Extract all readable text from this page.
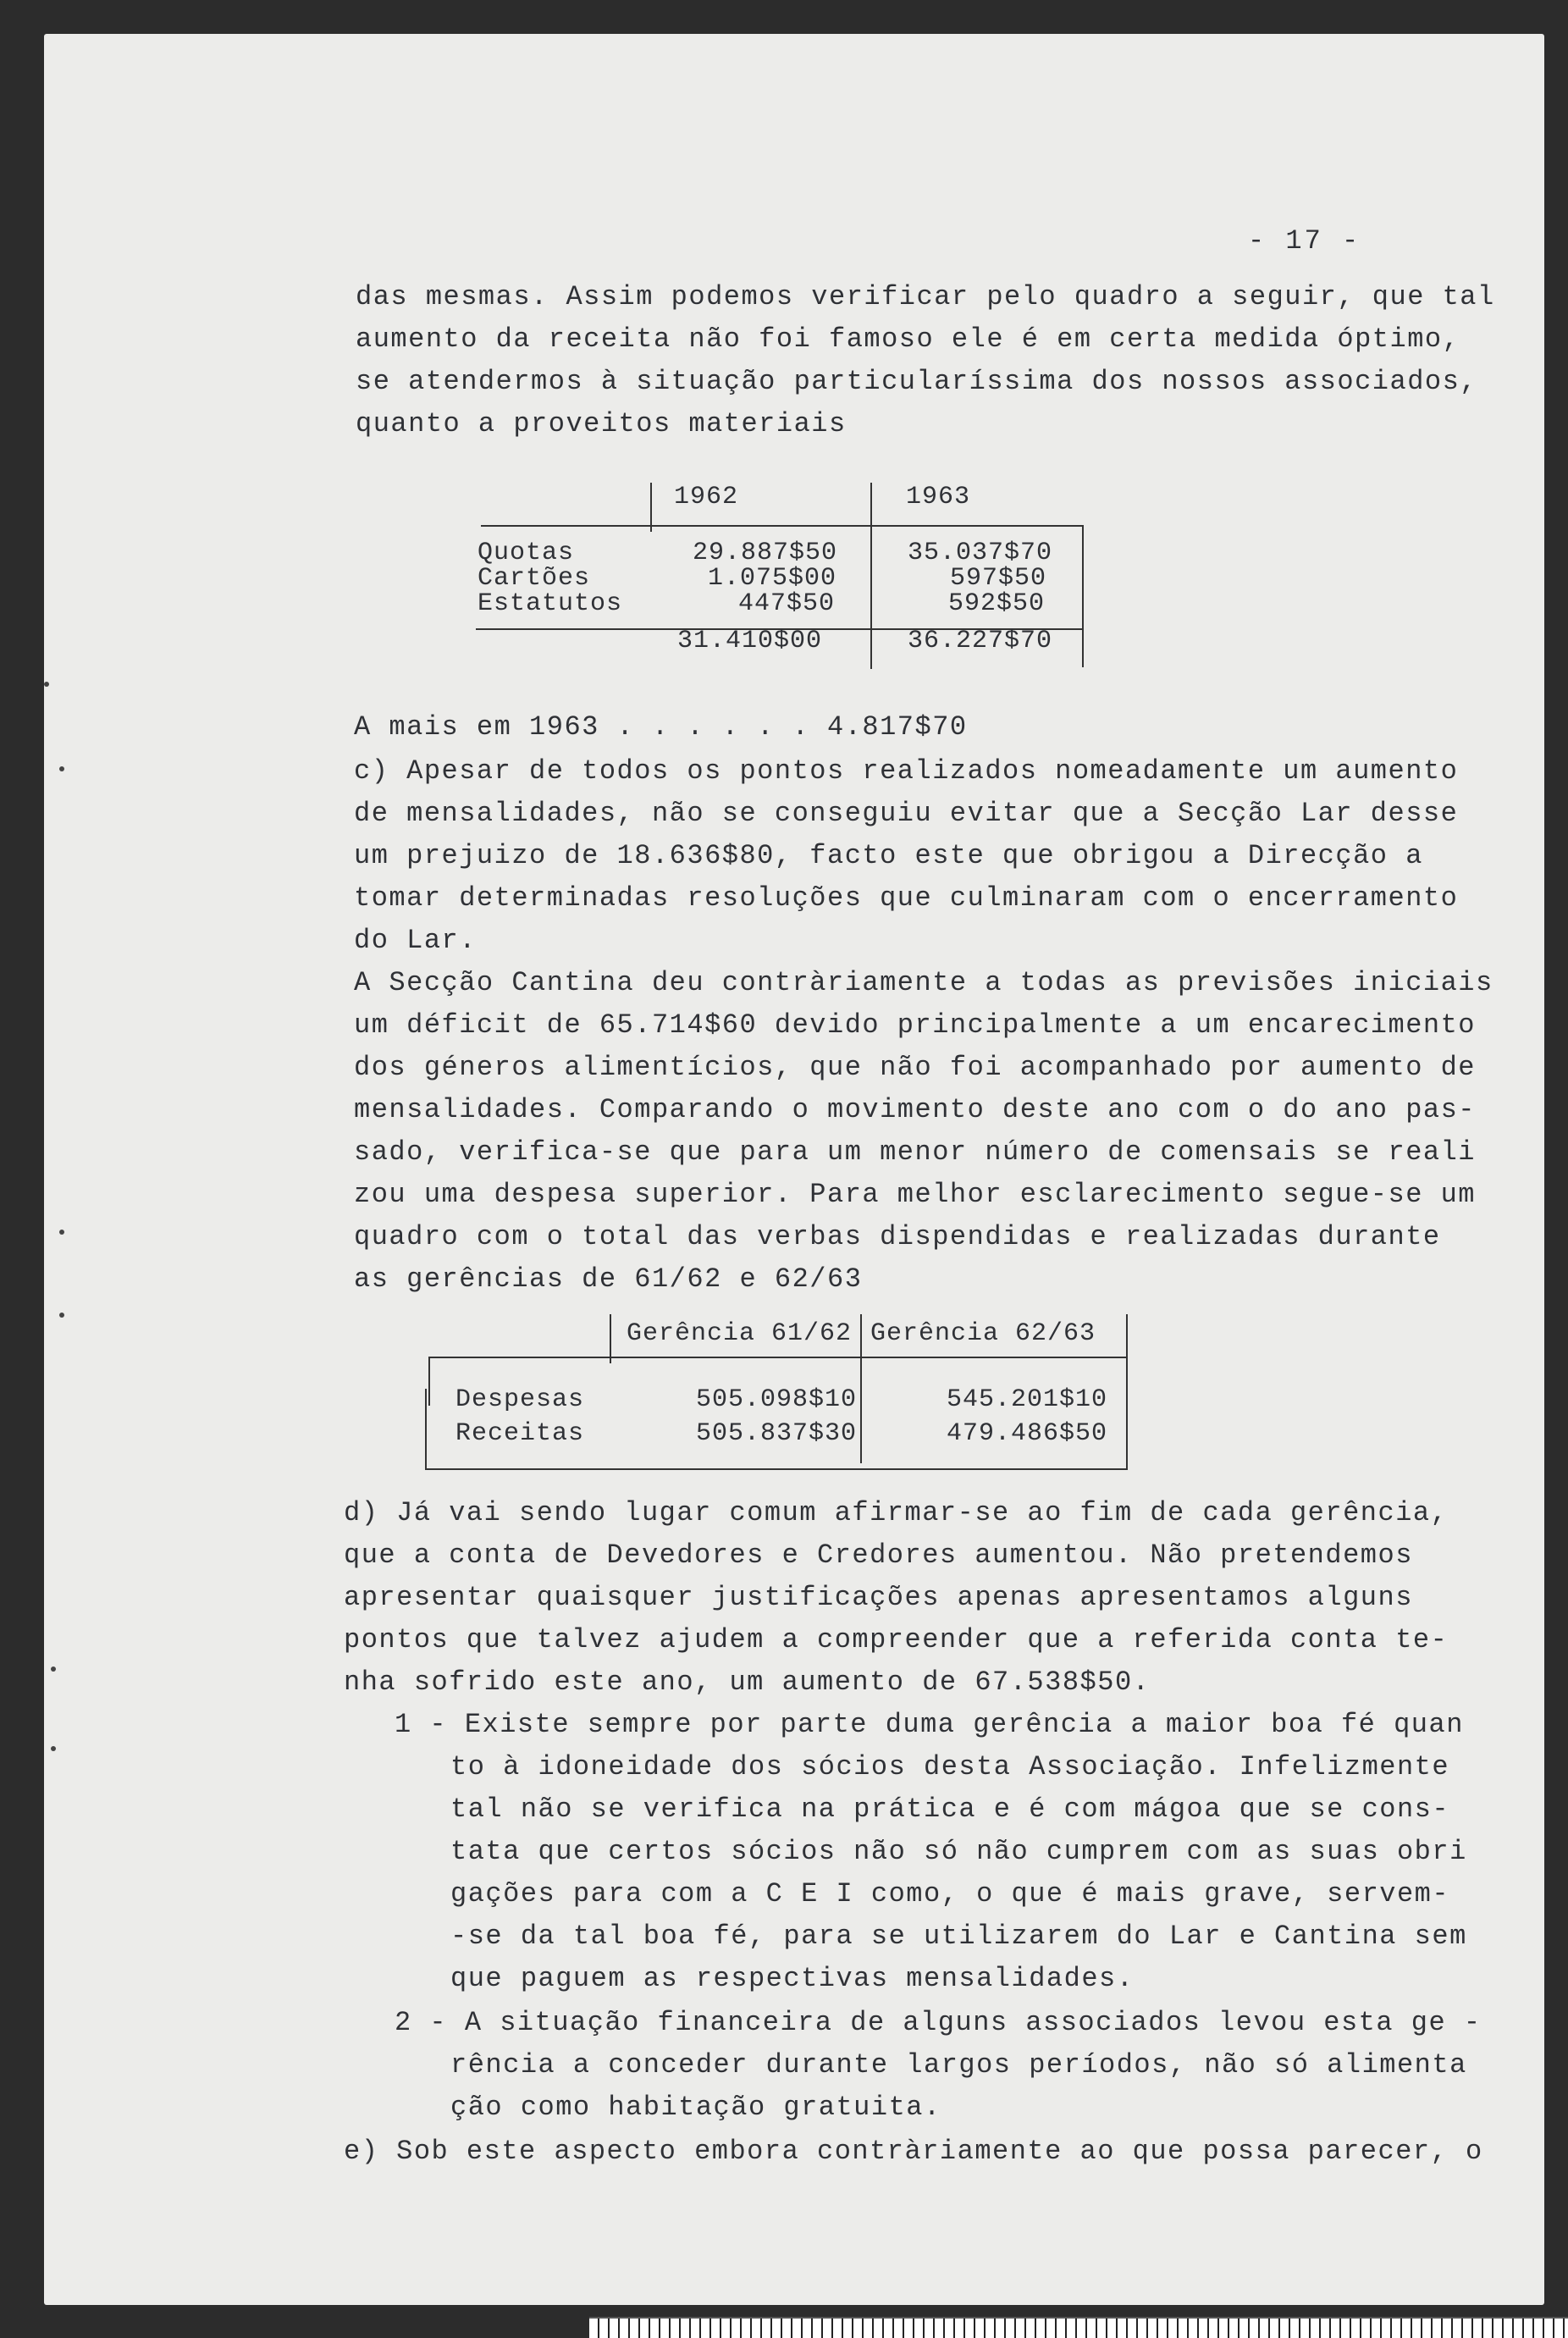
- 17 -
das mesmas. Assim podemos verificar pelo quadro a seguir, que tal
aumento da receita não foi famoso ele é em certa medida óptimo,
se atendermos à situação particularíssima dos nossos associados,
quanto a proveitos materiais
1962	1963
Quotas	29.887$50	35.037$70
Cartões	1.075$00	597$50
Estatutos	447$50	592$50
31.410$00	36.227$70
A mais em 1963 . . . . . . 4.817$70
c) Apesar de todos os pontos realizados nomeadamente um aumento
de mensalidades, não se conseguiu evitar que a Secção Lar desse
um prejuizo de 18.636$80, facto este que obrigou a Direcção a
tomar determinadas resoluções que culminaram com o encerramento
do Lar.
A Secção Cantina deu contràriamente a todas as previsões iniciais
um déficit de 65.714$60 devido principalmente a um encarecimento
dos géneros alimentícios, que não foi acompanhado por aumento de
mensalidades. Comparando o movimento deste ano com o do ano pas-
sado, verifica-se que para um menor número de comensais se reali
zou uma despesa superior. Para melhor esclarecimento segue-se um
quadro com o total das verbas dispendidas e realizadas durante
as gerências de 61/62 e 62/63
Gerência 61/62 Gerência 62/63
Despesas	505.098$10	545.201$10
Receitas	505.837$30	479.486$50
d) Já vai sendo lugar comum afirmar-se ao fim de cada gerência,
que a conta de Devedores e Credores aumentou. Não pretendemos
apresentar quaisquer justificações apenas apresentamos alguns
pontos que talvez ajudem a compreender que a referida conta te-
nha sofrido este ano, um aumento de 67.538$50.
1 - Existe sempre por parte duma gerência a maior boa fé quan
to à idoneidade dos sócios desta Associação. Infelizmente
tal não se verifica na prática e é com mágoa que se cons-
tata que certos sócios não só não cumprem com as suas obri
gações para com a C E I como, o que é mais grave, servem-
-se da tal boa fé, para se utilizarem do Lar e Cantina sem
que paguem as respectivas mensalidades.
2 - A situação financeira de alguns associados levou esta ge -
rência a conceder durante largos períodos, não só alimenta
ção como habitação gratuita.
e) Sob este aspecto embora contràriamente ao que possa parecer, o
